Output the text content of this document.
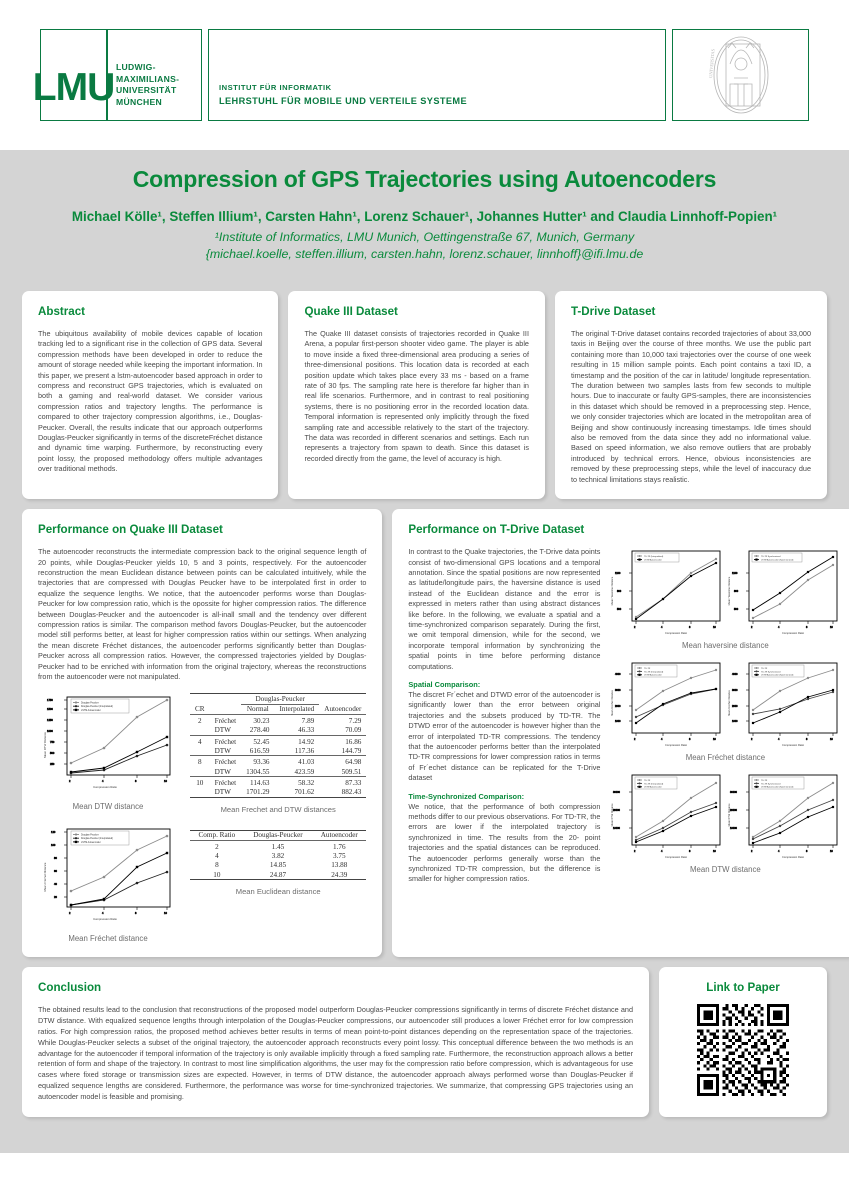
LMU LUDWIG-
MAXIMILIANS-
UNIVERSITÄT
MÜNCHEN
INSTITUT FÜR INFORMATIK
LEHRSTUHL FÜR MOBILE UND VERTEILE SYSTEME
UNIVERSITAS
Compression of GPS Trajectories using Autoencoders
Michael Kölle¹, Steffen Illium¹, Carsten Hahn¹, Lorenz Schauer¹, Johannes Hutter¹ and Claudia Linnhoff-Popien¹
¹Institute of Informatics, LMU Munich, Oettingenstraße 67, Munich, Germany
{michael.koelle, steffen.illium, carsten.hahn, lorenz.schauer, linnhoff}@ifi.lmu.de
Abstract

The ubiquitous availability of mobile devices capable of location tracking led to a significant rise in the collection of GPS data. Several compression methods have been developed in order to reduce the amount of storage needed while keeping the important information. In this paper, we present a lstm-autoencoder based approach in order to compress and reconstruct GPS trajectories, which is evaluated on both a gaming and real-world dataset. We consider various compression ratios and trajectory lengths. The performance is compared to other trajectory compression algorithms, i.e., Douglas-Peucker. Overall, the results indicate that our approach outperforms Douglas-Peucker significantly in terms of the discreteFréchet distance and dynamic time warping. Furthermore, by reconstructing every point lossy, the proposed methodology offers multiple advantages over traditional methods.

Quake III Dataset

The Quake III dataset consists of trajectories recorded in Quake III Arena, a popular first-person shooter video game. The player is able to move inside a fixed three-dimensional area producing a series of three-dimensional positions. This location data is recorded at each position update which takes place every 33 ms - based on a frame rate of 30 fps. The sampling rate here is therefore far higher than in real life scenarios. Furthermore, and in contrast to real positioning systems, there is no positioning error in the recorded location data. Temporal information is represented only implicitly through the fixed sampling rate and accessible relatively to the start of the trajectory. The data was recorded in different scenarios and settings. Each run represents a trajectory from spawn to death. Since this dataset is recorded directly from the game, the level of accuracy is high.

T-Drive Dataset

The original T-Drive dataset contains recorded trajectories of about 33,000 taxis in Beijing over the course of three months. We use the public part containing more than 10,000 taxi trajectories over the course of one week resulting in 15 million sample points. Each point contains a taxi ID, a timestamp and the position of the car in latitude/ longitude representation. The duration between two samples lasts from few seconds to multiple hours. Due to inaccurate or faulty GPS-samples, there are inconsistencies in this dataset which should be removed in a preprocessing step. Hence, we only consider trajectories which are located in the metropolitan area of Beijing and show continuously increasing timestamps. Idle times should also be removed from the data since they add no informational value. Based on speed information, we also remove outliers that are probably introduced by technical errors. Hence, obvious inconsistencies are removed by these preprocessing steps, while the level of inaccuracy due to technical limitations stays realistic.

Performance on Quake III Dataset

The autoencoder reconstructs the intermediate compression back to the original sequence length of 20 points, while Douglas-Peucker yields 10, 5 and 3 points, respectively. For the autoencoder reconstruction the mean Euclidean distance between points can be calculated intuitively, while the trajectories that are compressed with Douglas Peucker have to be interpolated first in order to equalize the sequence lengths. We notice, that the autoencoder performs worse than Douglas-Peucker for low compression ratio, which is the opossite for higher compression ratios. The difference between Douglas-Peucker and the autoencoder is all-inall small and the tendency over different compression ratios is similar. The comparison method favors Douglas-Peucker, but the autoencoder model still performs better, at least for higher compression ratios within our settings. When analyzing the mean discrete Fréchet distances, the autoencoder performs significantly better than Douglas-Peucker across all compression ratios. However, the compressed trajectories yielded by Douglas-Peucker had to be enriched with information from the original trajectory, whereas the reconstructions from the autoencoder were not manipulated.

250
500
750
1000
1250
1500
1750
2	4	8	10
Compression Ratio
Mean DTW Distance
Douglas-Peucker
Douglas-Peucker (Interpolated)
LSTM Autoencoder
Mean DTW distance
20
40
60
80
100
120
2	4	8	10
Compression Ratio
Mean Fréchet Distance
Douglas-Peucker
Douglas-Peucker (Interpolated)
LSTM Autoencoder
Mean Fréchet distance
		Douglas-Peucker		
CR		Normal	Interpolated	Autoencoder
2	Fréchet	30.23	7.89	7.29
	DTW	278.40	46.33	70.09
4	Fréchet	52.45	14.92	16.86
	DTW	616.59	117.36	144.79
8	Fréchet	93.36	41.03	64.98
	DTW	1304.55	423.59	509.51
10	Fréchet	114.63	58.32	87.33
	DTW	1701.29	701.62	882.43
Mean Frechet and DTW distances
Comp. Ratio	Douglas-Peucker	Autoencoder
2	1.45	1.76
4	3.82	3.75
8	14.85	13.88
10	24.87	24.39
Mean Euclidean distance
Performance on T-Drive Dataset

In contrast to the Quake trajectories, the T-Drive data points consist of two-dimensional GPS locations and a temporal annotation. Since the spatial positions are now represented as latitude/longitude pairs, the haversine distance is used instead of the Euclidean distance and the error is expressed in meters rather than using abstract distances like before. In the following, we evaluate a spatial and a time-synchronized comparison separately. During the first, we omit temporal dimension, while for the second, we incorporate temporal information by synchronizing the spatial points in time before performing distance computations.

Spatial Comparison:

The discret Fr´echet and DTWD error of the autoencoder is significantly lower than the error between original trajectories and the subsets produced by TD-TR. The DTWD error of the autoencoder is however higher than the error of interpolated TD-TR compressions. The tendency that the autoencoder performs better than the interpolated TD-TR compressions for lower compression ratios in terms of Fr´echet distance can be replicated for the T-Drive dataset

Time-Synchronized Comparison:

We notice, that the performance of both compression methods differ to our previous observations. For TD-TR, the errors are lower if the interpolated trajectory is synchronized in time. The results from the 20- point trajectories and the spatial distances can be reproduced. The autoencoder performs generally worse than the synchronized TD-TR compression, but the difference is smaller for higher compression ratios.

500
800
1100
2	4	8	10
Compression Ratio
Mean Haversine Distance
TD-TR (Interpolated)
LSTM Autoencoder
500
800
1100
2	4	8	10
Compression Ratio
Mean Haversine Distance
TD-TR Synchronized
LSTM Autoencoder (Synchronized)
Mean haversine distance
1000
2000
3000
4000
2	4	8	10
Compression Ratio
Mean Fréchet Distance
TD-TR
TD-TR (Interpolated)
LSTM Autoencoder
1000
2000
3000
4000
2	4	8	10
Compression Ratio
Mean Fréchet Distance
TD-TR
TD-TR Synchronized
LSTM Autoencoder (Synchronized)
Mean Fréchet distance
10000
20000
30000
2	4	8	10
Compression Ratio
Mean DTW Distance
TD-TR
TD-TR (Interpolated)
LSTM Autoencoder
10000
20000
30000
2	4	8	10
Compression Ratio
Mean DTW Distance
TD-TR
TD-TR Synchronized
LSTM Autoencoder (Synchronized)
Mean DTW distance
Conclusion

The obtained results lead to the conclusion that reconstructions of the proposed model outperform Douglas-Peucker compressions significantly in terms of discrete Fréchet distance and DTW distance. With equalized sequence lengths through interpolation of the Douglas-Peucker compressions, our autoencoder still produces a lower Fréchet error for low compression ratios. For high compression ratios, the proposed method achieves better results in terms of mean point-to-point distances depending on the representation space of the trajectories. While Douglas-Peucker selects a subset of the original trajectory, the autoencoder approach reconstructs every point lossy. This conceptual difference between the two methods is an advantage for the autoencoder if temporal information of the trajectory is only available implicitly through a fixed sampling rate. Furthermore, the reconstruction approach allows a better retention of form and shape of the trajectory. In contrast to most line simplification algorithms, the user may fix the compression ratio before compression, which is advantageous for use cases where fixed storage or transmission sizes are expected. However, in terms of DTW distance, the autoencoder approach always performed worse than Douglas-Peucker if equalized sequence lengths are considered. Furthermore, the performance was worse for time-synchronized trajectories. We summarize, that compressing GPS trajectories using an autoencoder model is feasible and promising.

Link to Paper
